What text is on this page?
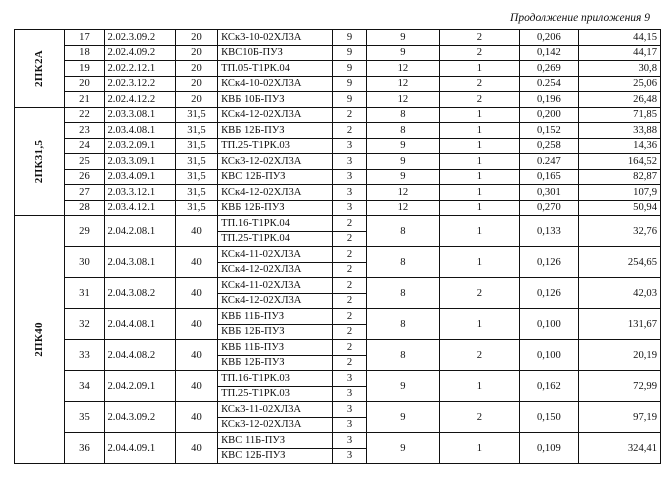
Продолжение приложения 9
2ПК2А	17	2.02.3.09.2	20	КСк3-10-02ХЛ3А	9	9	2	0,206	44,15
	18	2.02.4.09.2	20	КВС10Б-ПУЗ	9	9	2	0,142	44,17
	19	2.02.2.12.1	20	ТП.05-Т1РК.04	9	12	1	0,269	30,8
	20	2.02.3.12.2	20	КСк4-10-02ХЛ3А	9	12	2	0.254	25,06
	21	2.02.4.12.2	20	КВБ 10Б-ПУЗ	9	12	2	0,196	26,48
2ПК31,5	22	2.03.3.08.1	31,5	КСк4-12-02ХЛ3А	2	8	1	0,200	71,85
	23	2.03.4.08.1	31,5	КВБ 12Б-ПУЗ	2	8	1	0,152	33,88
	24	2.03.2.09.1	31,5	ТП.25-Т1РК.03	3	9	1	0,258	14,36
	25	2.03.3.09.1	31,5	КСк3-12-02ХЛ3А	3	9	1	0.247	164,52
	26	2.03.4.09.1	31,5	КВС 12Б-ПУЗ	3	9	1	0,165	82,87
	27	2.03.3.12.1	31,5	КСк4-12-02ХЛ3А	3	12	1	0,301	107,9
	28	2.03.4.12.1	31,5	КВБ 12Б-ПУЗ	3	12	1	0,270	50,94
2ПК40	29	2.04.2.08.1	40	ТП.16-Т1РК.04	2	8	1	0,133	32,76
				ТП.25-Т1РК.04	2				
	30	2.04.3.08.1	40	КСк4-11-02ХЛ3А	2	8	1	0,126	254,65
				КСк4-12-02ХЛ3А	2				
	31	2.04.3.08.2	40	КСк4-11-02ХЛ3А	2	8	2	0,126	42,03
				КСк4-12-02ХЛ3А	2				
	32	2.04.4.08.1	40	КВБ 11Б-ПУЗ	2	8	1	0,100	131,67
				КВБ 12Б-ПУЗ	2				
	33	2.04.4.08.2	40	КВБ 11Б-ПУЗ	2	8	2	0,100	20,19
				КВБ 12Б-ПУЗ	2				
	34	2.04.2.09.1	40	ТП.16-Т1РК.03	3	9	1	0,162	72,99
				ТП.25-Т1РК.03	3				
	35	2.04.3.09.2	40	КСк3-11-02ХЛ3А	3	9	2	0,150	97,19
				КСк3-12-02ХЛ3А	3				
	36	2.04.4.09.1	40	КВС 11Б-ПУЗ	3	9	1	0,109	324,41
				КВС 12Б-ПУЗ	3				
